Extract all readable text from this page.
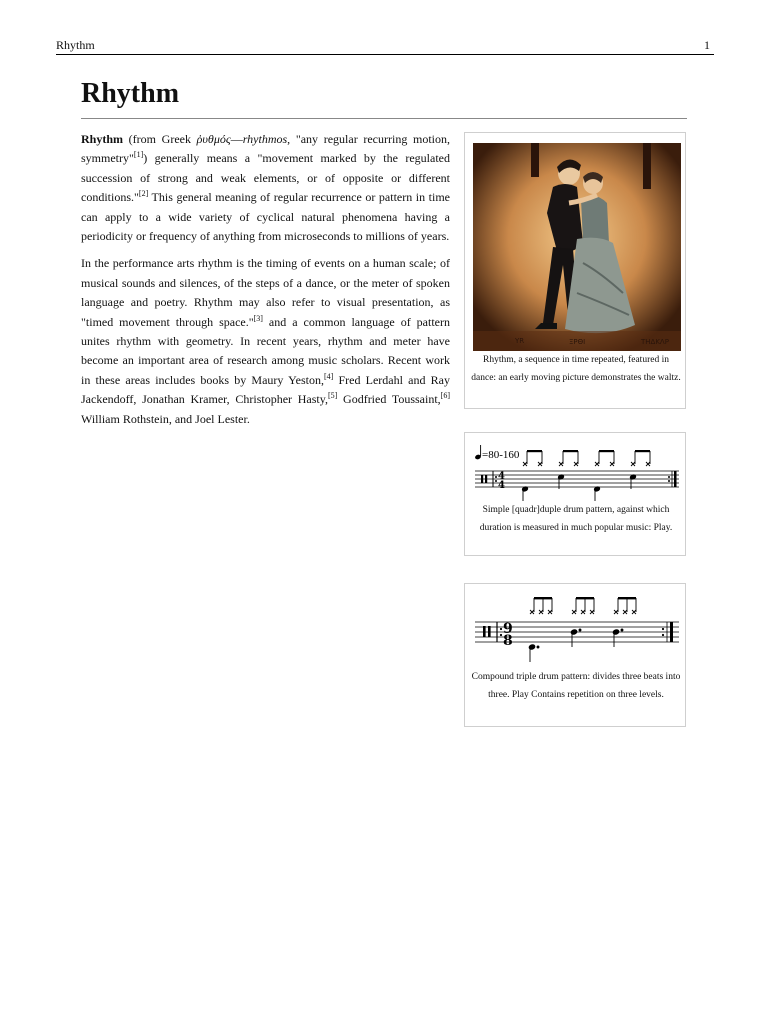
Rhythm	1
Rhythm

Rhythm (from Greek ῥυθμός—rhythmos, "any regular recurring motion, symmetry"[1]) generally means a "movement marked by the regulated succession of strong and weak elements, or of opposite or different conditions."[2] This general meaning of regular recurrence or pattern in time can apply to a wide variety of cyclical natural phenomena having a periodicity or frequency of anything from microseconds to millions of years.

In the performance arts rhythm is the timing of events on a human scale; of musical sounds and silences, of the steps of a dance, or the meter of spoken language and poetry. Rhythm may also refer to visual presentation, as "timed movement through space."[3] and a common language of pattern unites rhythm with geometry. In recent years, rhythm and meter have become an important area of research among music scholars. Recent work in these areas includes books by Maury Yeston,[4] Fred Lerdahl and Ray Jackendoff, Jonathan Kramer, Christopher Hasty,[5] Godfried Toussaint,[6] William Rothstein, and Joel Lester.

YR	ΞΡΘΙ	ΤΗΔΚΛΡ
Rhythm, a sequence in time repeated, featured in dance: an early moving picture demonstrates the waltz.
=80-160
4
4
Simple [quadr]duple drum pattern, against which duration is measured in much popular music: Play.
9
8
Compound triple drum pattern: divides three beats into three. Play Contains repetition on three levels.
